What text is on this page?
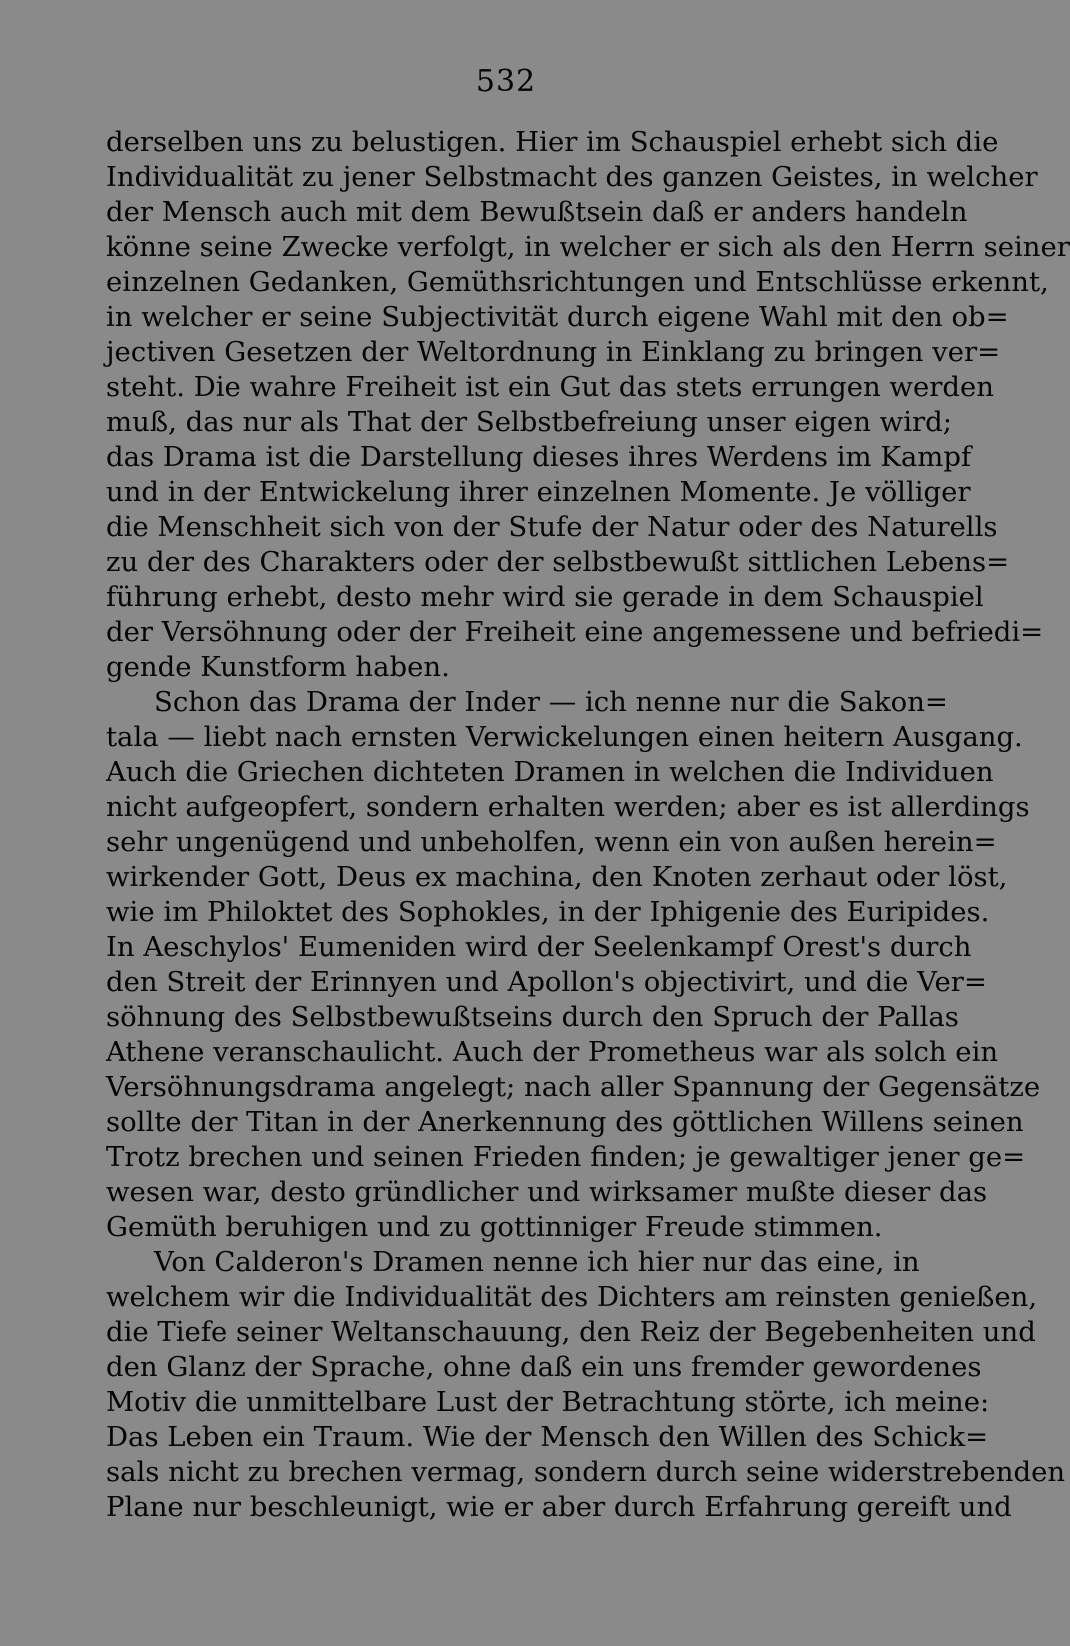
532
derselben uns zu belustigen. Hier im Schauspiel erhebt sich die
Individualität zu jener Selbstmacht des ganzen Geistes, in welcher
der Mensch auch mit dem Bewußtsein daß er anders handeln
könne seine Zwecke verfolgt, in welcher er sich als den Herrn seiner
einzelnen Gedanken, Gemüthsrichtungen und Entschlüsse erkennt,
in welcher er seine Subjectivität durch eigene Wahl mit den ob=
jectiven Gesetzen der Weltordnung in Einklang zu bringen ver=
steht. Die wahre Freiheit ist ein Gut das stets errungen werden
muß, das nur als That der Selbstbefreiung unser eigen wird;
das Drama ist die Darstellung dieses ihres Werdens im Kampf
und in der Entwickelung ihrer einzelnen Momente. Je völliger
die Menschheit sich von der Stufe der Natur oder des Naturells
zu der des Charakters oder der selbstbewußt sittlichen Lebens=
führung erhebt, desto mehr wird sie gerade in dem Schauspiel
der Versöhnung oder der Freiheit eine angemessene und befriedi=
gende Kunstform haben.
Schon das Drama der Inder — ich nenne nur die Sakon=
tala — liebt nach ernsten Verwickelungen einen heitern Ausgang.
Auch die Griechen dichteten Dramen in welchen die Individuen
nicht aufgeopfert, sondern erhalten werden; aber es ist allerdings
sehr ungenügend und unbeholfen, wenn ein von außen herein=
wirkender Gott, Deus ex machina, den Knoten zerhaut oder löst,
wie im Philoktet des Sophokles, in der Iphigenie des Euripides.
In Aeschylos' Eumeniden wird der Seelenkampf Orest's durch
den Streit der Erinnyen und Apollon's objectivirt, und die Ver=
söhnung des Selbstbewußtseins durch den Spruch der Pallas
Athene veranschaulicht. Auch der Prometheus war als solch ein
Versöhnungsdrama angelegt; nach aller Spannung der Gegensätze
sollte der Titan in der Anerkennung des göttlichen Willens seinen
Trotz brechen und seinen Frieden finden; je gewaltiger jener ge=
wesen war, desto gründlicher und wirksamer mußte dieser das
Gemüth beruhigen und zu gottinniger Freude stimmen.
Von Calderon's Dramen nenne ich hier nur das eine, in
welchem wir die Individualität des Dichters am reinsten genießen,
die Tiefe seiner Weltanschauung, den Reiz der Begebenheiten und
den Glanz der Sprache, ohne daß ein uns fremder gewordenes
Motiv die unmittelbare Lust der Betrachtung störte, ich meine:
Das Leben ein Traum. Wie der Mensch den Willen des Schick=
sals nicht zu brechen vermag, sondern durch seine widerstrebenden
Plane nur beschleunigt, wie er aber durch Erfahrung gereift und
